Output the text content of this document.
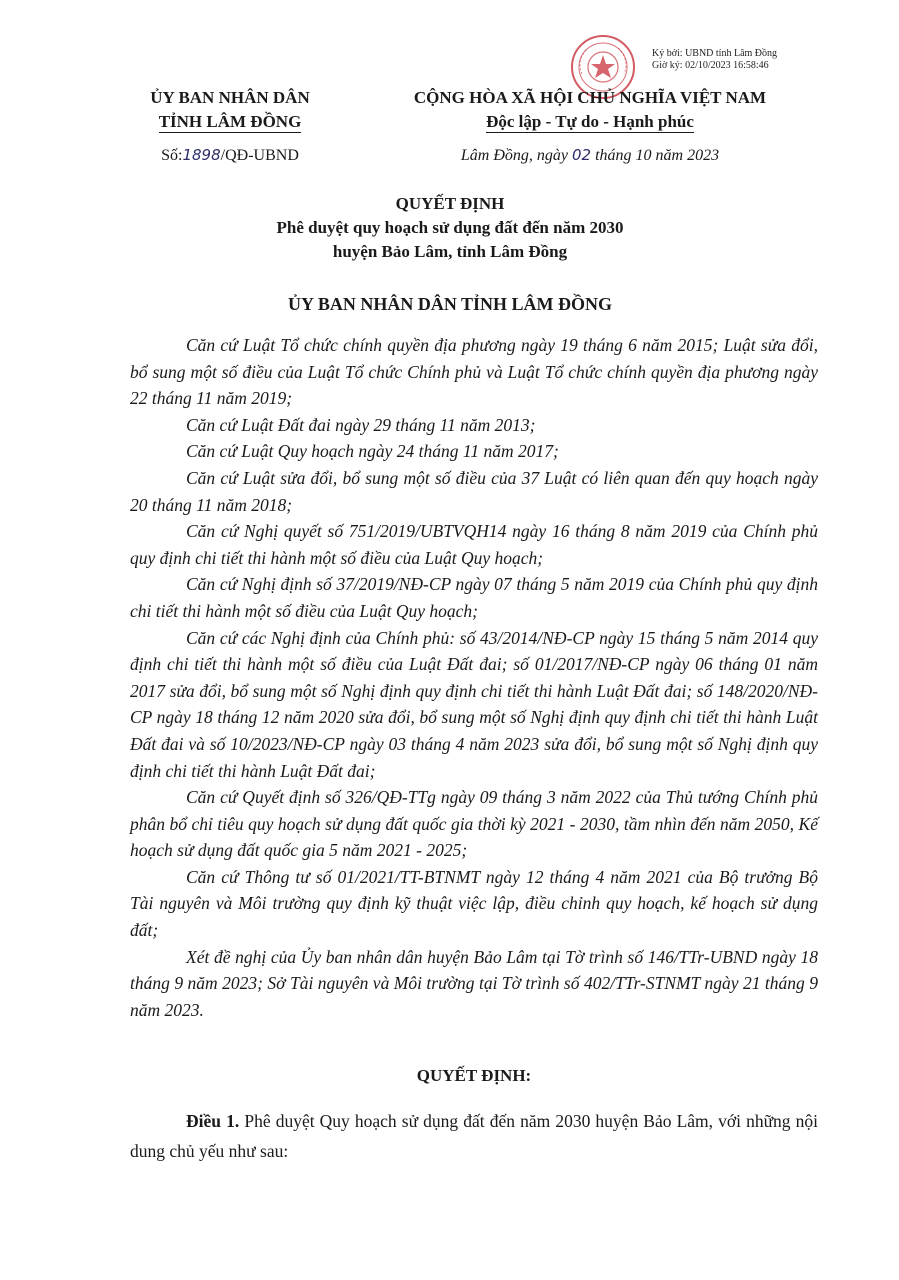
Ký bởi: UBND tỉnh Lâm Đồng
Giờ ký: 02/10/2023 16:58:46
ỦY BAN NHÂN DÂN
TỈNH LÂM ĐỒNG
CỘNG HÒA XÃ HỘI CHỦ NGHĨA VIỆT NAM
Độc lập - Tự do - Hạnh phúc
Số:1898/QĐ-UBND	Lâm Đồng, ngày 02 tháng 10 năm 2023
QUYẾT ĐỊNH
Phê duyệt quy hoạch sử dụng đất đến năm 2030
huyện Bảo Lâm, tỉnh Lâm Đồng
ỦY BAN NHÂN DÂN TỈNH LÂM ĐỒNG

Căn cứ Luật Tổ chức chính quyền địa phương ngày 19 tháng 6 năm 2015; Luật sửa đổi, bổ sung một số điều của Luật Tổ chức Chính phủ và Luật Tổ chức chính quyền địa phương ngày 22 tháng 11 năm 2019;

Căn cứ Luật Đất đai ngày 29 tháng 11 năm 2013;

Căn cứ Luật Quy hoạch ngày 24 tháng 11 năm 2017;

Căn cứ Luật sửa đổi, bổ sung một số điều của 37 Luật có liên quan đến quy hoạch ngày 20 tháng 11 năm 2018;

Căn cứ Nghị quyết số 751/2019/UBTVQH14 ngày 16 tháng 8 năm 2019 của Chính phủ quy định chi tiết thi hành một số điều của Luật Quy hoạch;

Căn cứ Nghị định số 37/2019/NĐ-CP ngày 07 tháng 5 năm 2019 của Chính phủ quy định chi tiết thi hành một số điều của Luật Quy hoạch;

Căn cứ các Nghị định của Chính phủ: số 43/2014/NĐ-CP ngày 15 tháng 5 năm 2014 quy định chi tiết thi hành một số điều của Luật Đất đai; số 01/2017/NĐ-CP ngày 06 tháng 01 năm 2017 sửa đổi, bổ sung một số Nghị định quy định chi tiết thi hành Luật Đất đai; số 148/2020/NĐ-CP ngày 18 tháng 12 năm 2020 sửa đổi, bổ sung một số Nghị định quy định chi tiết thi hành Luật Đất đai và số 10/2023/NĐ-CP ngày 03 tháng 4 năm 2023 sửa đổi, bổ sung một số Nghị định quy định chi tiết thi hành Luật Đất đai;

Căn cứ Quyết định số 326/QĐ-TTg ngày 09 tháng 3 năm 2022 của Thủ tướng Chính phủ phân bổ chỉ tiêu quy hoạch sử dụng đất quốc gia thời kỳ 2021 - 2030, tầm nhìn đến năm 2050, Kế hoạch sử dụng đất quốc gia 5 năm 2021 - 2025;

Căn cứ Thông tư số 01/2021/TT-BTNMT ngày 12 tháng 4 năm 2021 của Bộ trưởng Bộ Tài nguyên và Môi trường quy định kỹ thuật việc lập, điều chỉnh quy hoạch, kế hoạch sử dụng đất;

Xét đề nghị của Ủy ban nhân dân huyện Bảo Lâm tại Tờ trình số 146/TTr-UBND ngày 18 tháng 9 năm 2023; Sở Tài nguyên và Môi trường tại Tờ trình số 402/TTr-STNMT ngày 21 tháng 9 năm 2023.

QUYẾT ĐỊNH:

Điều 1. Phê duyệt Quy hoạch sử dụng đất đến năm 2030 huyện Bảo Lâm, với những nội dung chủ yếu như sau:
